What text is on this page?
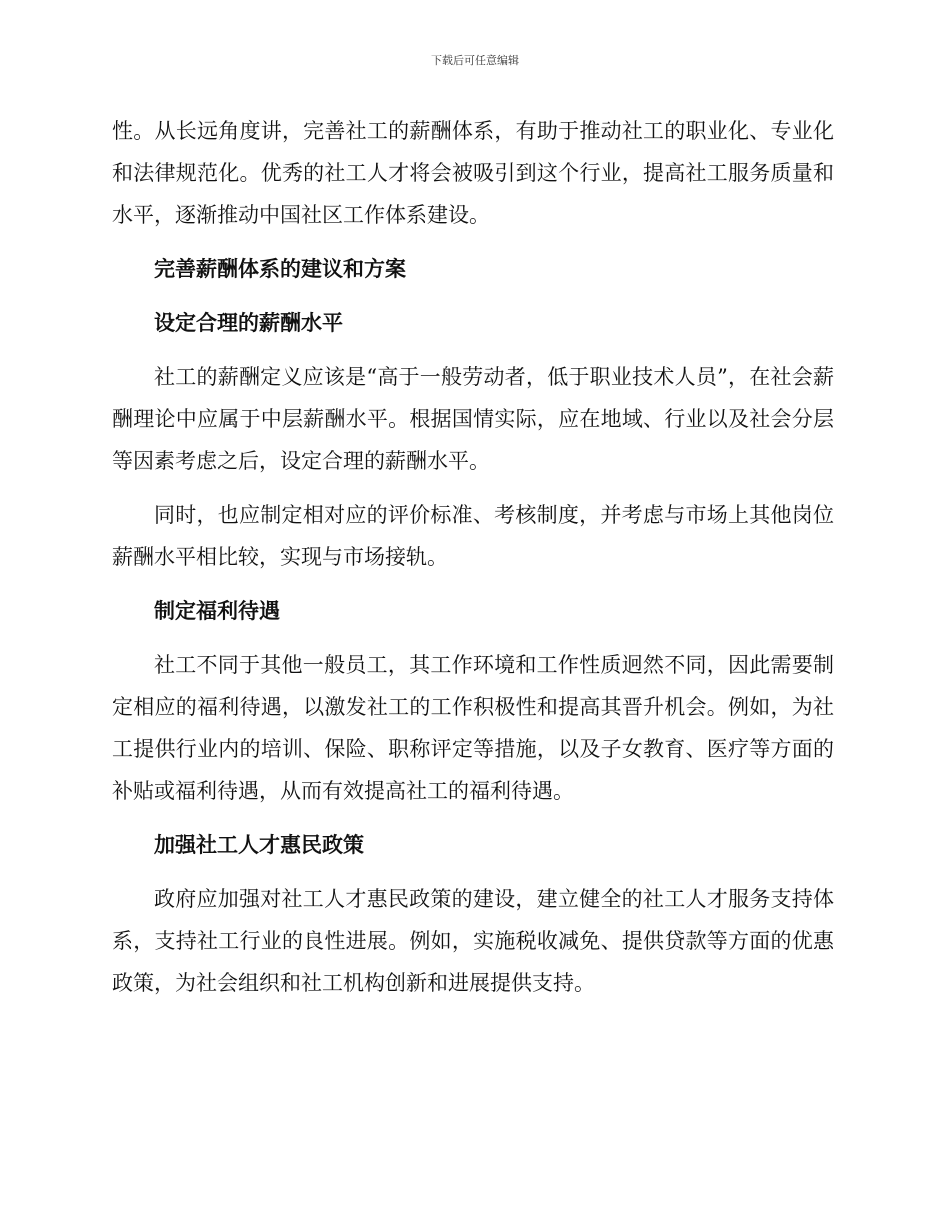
下载后可任意编辑

性。从长远角度讲，完善社工的薪酬体系，有助于推动社工的职业化、专业化和法律规范化。优秀的社工人才将会被吸引到这个行业，提高社工服务质量和水平，逐渐推动中国社区工作体系建设。

完善薪酬体系的建议和方案
设定合理的薪酬水平

社工的薪酬定义应该是“高于一般劳动者，低于职业技术人员”，在社会薪酬理论中应属于中层薪酬水平。根据国情实际，应在地域、行业以及社会分层等因素考虑之后，设定合理的薪酬水平。

同时，也应制定相对应的评价标准、考核制度，并考虑与市场上其他岗位薪酬水平相比较，实现与市场接轨。

制定福利待遇

社工不同于其他一般员工，其工作环境和工作性质迥然不同，因此需要制定相应的福利待遇，以激发社工的工作积极性和提高其晋升机会。例如，为社工提供行业内的培训、保险、职称评定等措施，以及子女教育、医疗等方面的补贴或福利待遇，从而有效提高社工的福利待遇。

加强社工人才惠民政策

政府应加强对社工人才惠民政策的建设，建立健全的社工人才服务支持体系，支持社工行业的良性进展。例如，实施税收减免、提供贷款等方面的优惠政策，为社会组织和社工机构创新和进展提供支持。
